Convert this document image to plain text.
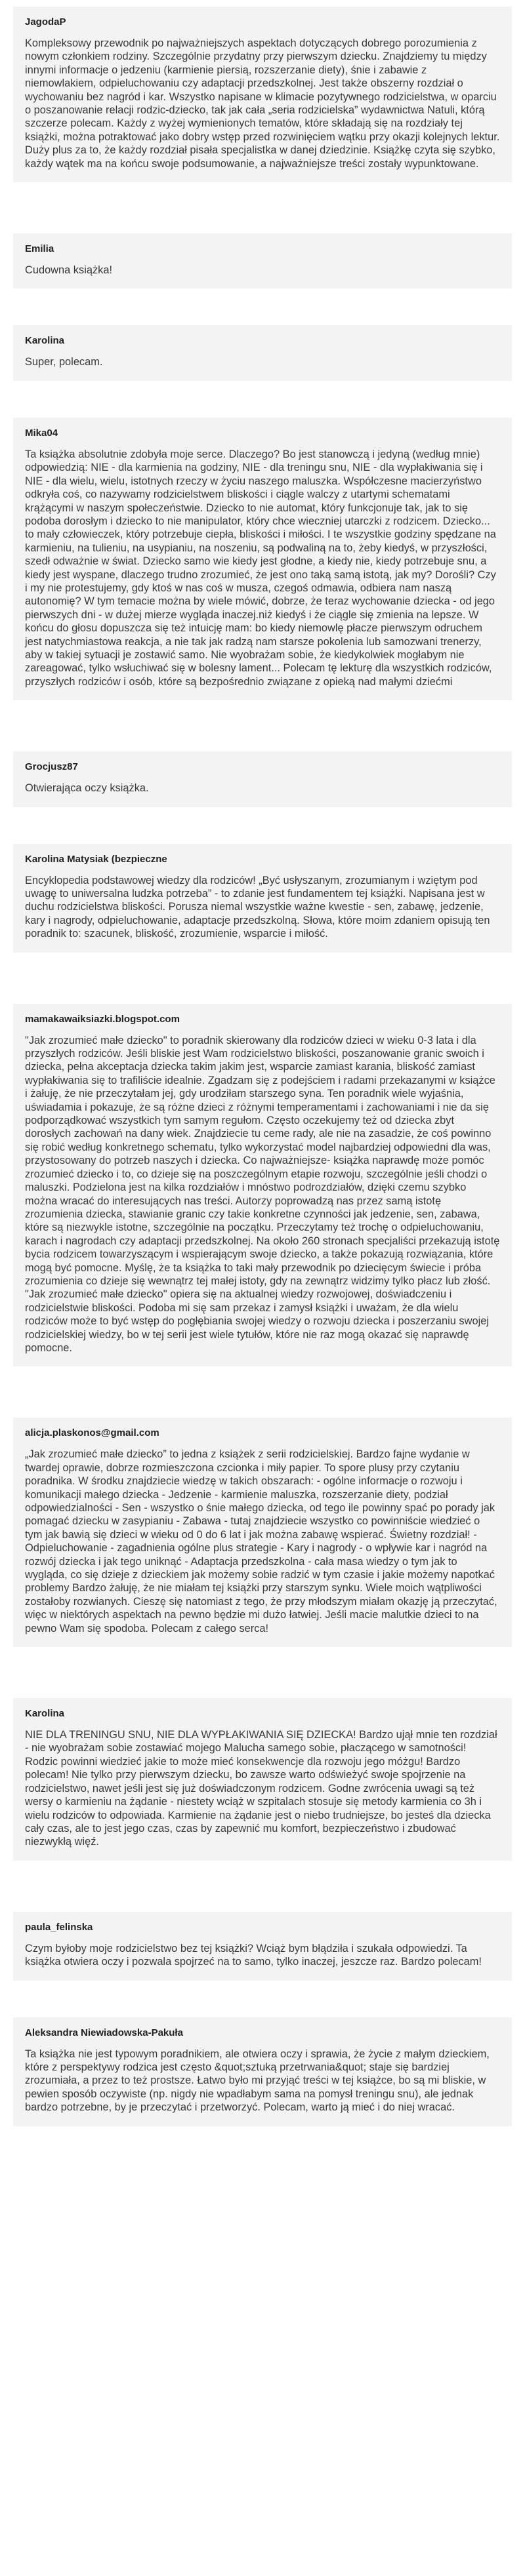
JagodaP
Kompleksowy przewodnik po najważniejszych aspektach dotyczących dobrego porozumienia z nowym członkiem rodziny. Szczególnie przydatny przy pierwszym dziecku. Znajdziemy tu między innymi informacje o jedzeniu (karmienie piersią, rozszerzanie diety), śnie i zabawie z niemowlakiem, odpieluchowaniu czy adaptacji przedszkolnej. Jest także obszerny rozdział o wychowaniu bez nagród i kar. Wszystko napisane w klimacie pozytywnego rodzicielstwa, w oparciu o poszanowanie relacji rodzic-dziecko, tak jak cała „seria rodzicielska” wydawnictwa Natuli, którą szczerze polecam. Każdy z wyżej wymienionych tematów, które składają się na rozdziały tej książki, można potraktować jako dobry wstęp przed rozwinięciem wątku przy okazji kolejnych lektur. Duży plus za to, że każdy rozdział pisała specjalistka w danej dziedzinie. Książkę czyta się szybko, każdy wątek ma na końcu swoje podsumowanie, a najważniejsze treści zostały wypunktowane.
Emilia
Cudowna książka!
Karolina
Super, polecam.
Mika04
Ta książka absolutnie zdobyła moje serce. Dlaczego? Bo jest stanowczą i jedyną (według mnie) odpowiedzią: NIE - dla karmienia na godziny, NIE - dla treningu snu, NIE - dla wypłakiwania się i NIE - dla wielu, wielu, istotnych rzeczy w życiu naszego maluszka. Współczesne macierzyństwo odkryła coś, co nazywamy rodzicielstwem bliskości i ciągle walczy z utartymi schematami krążącymi w naszym społeczeństwie. Dziecko to nie automat, który funkcjonuje tak, jak to się podoba dorosłym i dziecko to nie manipulator, który chce wieczniej utarczki z rodzicem. Dziecko... to mały człowieczek, który potrzebuje ciepła, bliskości i miłości. I te wszystkie godziny spędzane na karmieniu, na tulieniu, na usypianiu, na noszeniu, są podwaliną na to, żeby kiedyś, w przyszłości, szedł odważnie w świat. Dziecko samo wie kiedy jest głodne, a kiedy nie, kiedy potrzebuje snu, a kiedy jest wyspane, dlaczego trudno zrozumieć, że jest ono taką samą istotą, jak my? Dorośli? Czy i my nie protestujemy, gdy ktoś w nas coś w musza, czegoś odmawia, odbiera nam naszą autonomię? W tym temacie można by wiele mówić, dobrze, że teraz wychowanie dziecka - od jego pierwszych dni - w dużej mierze wygląda inaczej.niż kiedyś i że ciągle się zmienia na lepsze. W końcu do głosu dopuszcza się też intuicję mam: bo kiedy niemowlę płacze pierwszym odruchem jest natychmiastowa reakcja, a nie tak jak radzą nam starsze pokolenia lub samozwani trenerzy, aby w takiej sytuacji je zostawić samo. Nie wyobrażam sobie, że kiedykolwiek mogłabym nie zareagować, tylko wsłuchiwać się w bolesny lament... Polecam tę lekturę dla wszystkich rodziców, przyszłych rodziców i osób, które są bezpośrednio związane z opieką nad małymi dziećmi
Grocjusz87
Otwierająca oczy książka.
Karolina Matysiak (bezpieczne
Encyklopedia podstawowej wiedzy dla rodziców! „Być usłyszanym, zrozumianym i wziętym pod uwagę to uniwersalna ludzka potrzeba” - to zdanie jest fundamentem tej książki. Napisana jest w duchu rodzicielstwa bliskości. Porusza niemal wszystkie ważne kwestie - sen, zabawę, jedzenie, kary i nagrody, odpieluchowanie, adaptacje przedszkolną. Słowa, które moim zdaniem opisują ten poradnik to: szacunek, bliskość, zrozumienie, wsparcie i miłość.
mamakawaiksiazki.blogspot.com
"Jak zrozumieć małe dziecko" to poradnik skierowany dla rodziców dzieci w wieku 0-3 lata i dla przyszłych rodziców. Jeśli bliskie jest Wam rodzicielstwo bliskości, poszanowanie granic swoich i dziecka, pełna akceptacja dziecka takim jakim jest, wsparcie zamiast karania, bliskość zamiast wypłakiwania się to trafiliście idealnie. Zgadzam się z podejściem i radami przekazanymi w książce i żałuję, że nie przeczytałam jej, gdy urodziłam starszego syna. Ten poradnik wiele wyjaśnia, uświadamia i pokazuje, że są różne dzieci z różnymi temperamentami i zachowaniami i nie da się podporządkować wszystkich tym samym regułom. Często oczekujemy też od dziecka zbyt dorosłych zachowań na dany wiek. Znajdziecie tu ceme rady, ale nie na zasadzie, że coś powinno się robić według konkretnego schematu, tylko wykorzystać model najbardziej odpowiedni dla was, przystosowany do potrzeb naszych i dziecka. Co najważniejsze- książka naprawdę może pomóc zrozumieć dziecko i to, co dzieje się na poszczególnym etapie rozwoju, szczególnie jeśli chodzi o maluszki. Podzielona jest na kilka rozdziałów i mnóstwo podrozdziałów, dzięki czemu szybko można wracać do interesujących nas treści. Autorzy poprowadzą nas przez samą istotę zrozumienia dziecka, stawianie granic czy takie konkretne czynności jak jedzenie, sen, zabawa, które są niezwykle istotne, szczególnie na początku. Przeczytamy też trochę o odpieluchowaniu, karach i nagrodach czy adaptacji przedszkolnej. Na około 260 stronach specjaliści przekazują istotę bycia rodzicem towarzyszącym i wspierającym swoje dziecko, a także pokazują rozwiązania, które mogą być pomocne. Myślę, że ta książka to taki mały przewodnik po dziecięcym świecie i próba zrozumienia co dzieje się wewnątrz tej małej istoty, gdy na zewnątrz widzimy tylko płacz lub złość. "Jak zrozumieć małe dziecko" opiera się na aktualnej wiedzy rozwojowej, doświadczeniu i rodzicielstwie bliskości. Podoba mi się sam przekaz i zamysł książki i uważam, że dla wielu rodziców może to być wstęp do pogłębiania swojej wiedzy o rozwoju dziecka i poszerzaniu swojej rodzicielskiej wiedzy, bo w tej serii jest wiele tytułów, które nie raz mogą okazać się naprawdę pomocne.
alicja.plaskonos@gmail.com
„Jak zrozumieć małe dziecko” to jedna z książek z serii rodzicielskiej. Bardzo fajne wydanie w twardej oprawie, dobrze rozmieszczona czcionka i miły papier. To spore plusy przy czytaniu poradnika. W środku znajdziecie wiedzę w takich obszarach: - ogólne informacje o rozwoju i komunikacji małego dziecka - Jedzenie - karmienie maluszka, rozszerzanie diety, podział odpowiedzialności - Sen - wszystko o śnie małego dziecka, od tego ile powinny spać po porady jak pomagać dziecku w zasypianiu - Zabawa - tutaj znajdziecie wszystko co powinniście wiedzieć o tym jak bawią się dzieci w wieku od 0 do 6 lat i jak można zabawę wspierać. Świetny rozdział! - Odpieluchowanie - zagadnienia ogólne plus strategie - Kary i nagrody - o wpływie kar i nagród na rozwój dziecka i jak tego uniknąć - Adaptacja przedszkolna - cała masa wiedzy o tym jak to wygląda, co się dzieje z dzieckiem jak możemy sobie radzić w tym czasie i jakie możemy napotkać problemy Bardzo żałuję, że nie miałam tej książki przy starszym synku. Wiele moich wątpliwości zostałoby rozwianych. Cieszę się natomiast z tego, że przy młodszym miałam okazję ją przeczytać, więc w niektórych aspektach na pewno będzie mi dużo łatwiej. Jeśli macie malutkie dzieci to na pewno Wam się spodoba. Polecam z całego serca!
Karolina
NIE DLA TRENINGU SNU, NIE DLA WYPŁAKIWANIA SIĘ DZIECKA! Bardzo ujął mnie ten rozdział - nie wyobrażam sobie zostawiać mojego Malucha samego sobie, płaczącego w samotności! Rodzic powinni wiedzieć jakie to może mieć konsekwencje dla rozwoju jego móżgu! Bardzo polecam! Nie tylko przy pierwszym dziecku, bo zawsze warto odświeżyć swoje spojrzenie na rodzicielstwo, nawet jeśli jest się już doświadczonym rodzicem. Godne zwrócenia uwagi są też wersy o karmieniu na żądanie - niestety wciąż w szpitalach stosuje się metody karmienia co 3h i wielu rodziców to odpowiada. Karmienie na żądanie jest o niebo trudniejsze, bo jesteś dla dziecka cały czas, ale to jest jego czas, czas by zapewnić mu komfort, bezpieczeństwo i zbudować niezwykłą więź.
paula_felinska
Czym byłoby moje rodzicielstwo bez tej książki? Wciąż bym błądziła i szukała odpowiedzi. Ta książka otwiera oczy i pozwala spojrzeć na to samo, tylko inaczej, jeszcze raz. Bardzo polecam!
Aleksandra Niewiadowska-Pakuła
Ta książka nie jest typowym poradnikiem, ale otwiera oczy i sprawia, że życie z małym dzieckiem, które z perspektywy rodzica jest często &quot;sztuką przetrwania&quot; staje się bardziej zrozumiała, a przez to też prostsze. Łatwo było mi przyjąć treści w tej książce, bo są mi bliskie, w pewien sposób oczywiste (np. nigdy nie wpadłabym sama na pomysł treningu snu), ale jednak bardzo potrzebne, by je przeczytać i przetworzyć. Polecam, warto ją mieć i do niej wracać.
